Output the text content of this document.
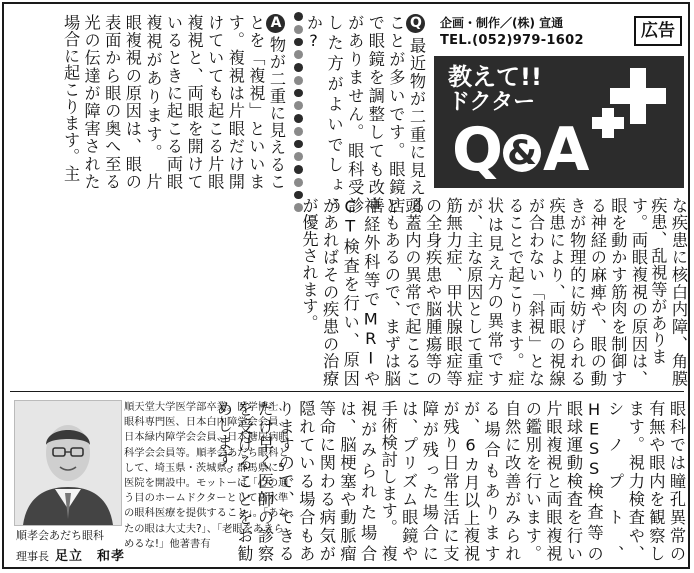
企画・制作／(株) 宣通
TEL.(052)979-1602	広告
教えて!!
ドクター
Q & A
Q最近物が二重に見えることが多いです。眼鏡店で眼鏡を調整しても改善がありません。眼科受診した方がよいでしょうか?
A物が二重に見えることを「複視」といいます。複視は片眼だけ開けていても起こる片眼複視と、両眼を開けているときに起こる両眼複視があります。　片眼複視の原因は、眼の表面から眼の奥へ至る光の伝達が障害された場合に起こります。主
な疾患に核白内障、角膜疾患、乱視等がありま
す。両眼複視の原因は、眼を動かす筋肉を制御する神経の麻痺や、眼の動きが物理的に妨げられる疾患により、両眼の視線が合わない「斜視」となることで起こります。症状は見え方の異常ですが、主な原因として重症筋無力症、甲状腺眼症等の全身疾患や脳腫瘍等の頭蓋内の異常で起こることもあるので、まずは脳神経外科等でMRIやCT検査を行い、原因があればその疾患の治療が優先されます。
眼科では瞳孔異常の有無や眼内を観察します。視力検査や、シノプト、HESS検査等の眼球運動検査を行い片眼複視と両眼複視の鑑別を行います。自然に改善がみられる場合もありますが、6カ月以上複視が残り日常生活に支障が残った場合には、プリズム眼鏡や手術検討します。　複視がみられた場合は、脳梗塞や動脈瘤等命に関わる病気が隠れている場合もありますので、できるだけ早く医師の診察を受けることをお勧めします。
順天堂大学医学部卒業。医学博士、眼科専門医、日本白内障学会会員、日本緑内障学会会員、日本糖尿病眼科学会会員等。順孝会あだち眼科として、埼玉県・茨城県・群馬県に5医院を開設中。モットーは「心の通う目のホームドクターとして高水準の眼科医療を提供すること」。「あなたの眼は大丈夫?」、「老眼をあきらめるな!」他著書有
順孝会あだち眼科
理事長 足立　和孝
